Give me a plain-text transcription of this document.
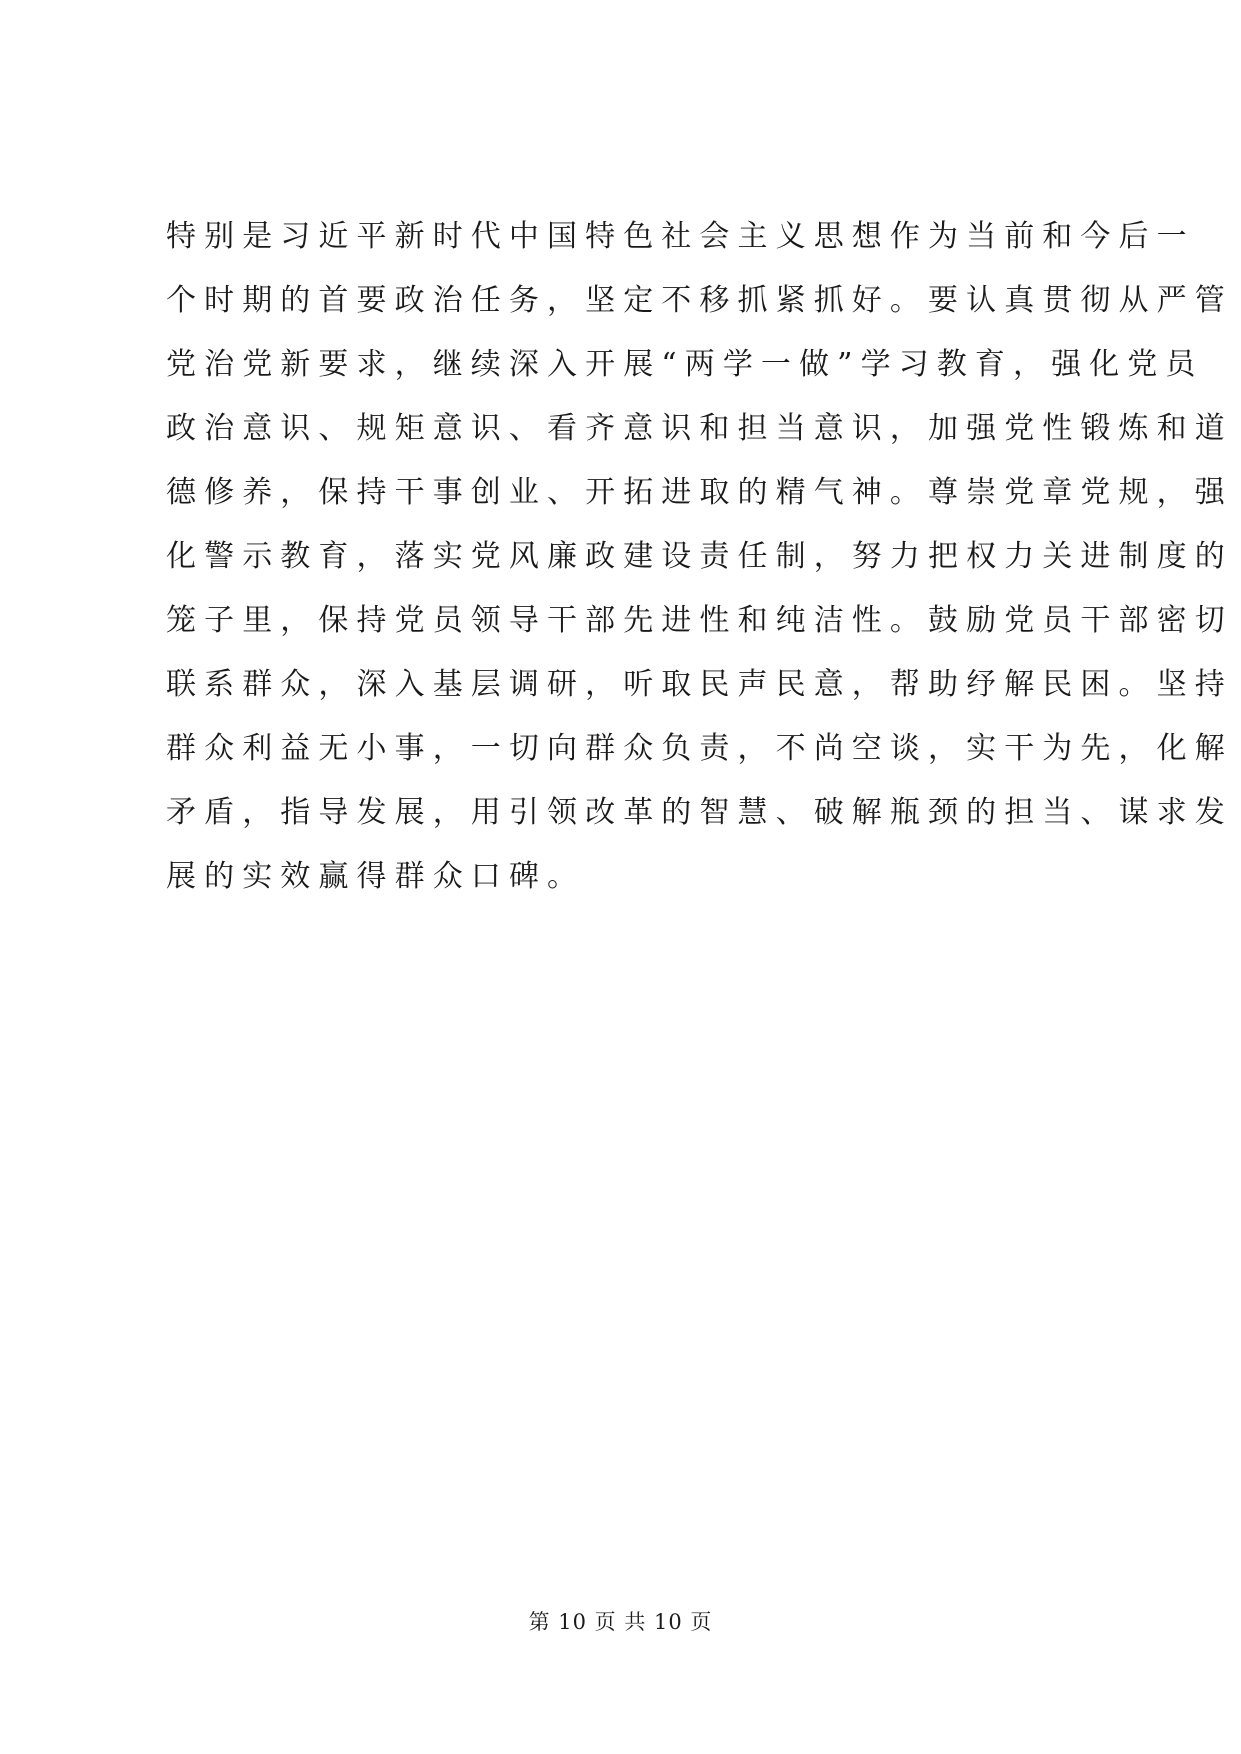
特别是习近平新时代中国特色社会主义思想作为当前和今后一
个时期的首要政治任务，坚定不移抓紧抓好。要认真贯彻从严管
党治党新要求，继续深入开展“两学一做”学习教育，强化党员
政治意识、规矩意识、看齐意识和担当意识，加强党性锻炼和道
德修养，保持干事创业、开拓进取的精气神。尊崇党章党规，强
化警示教育，落实党风廉政建设责任制，努力把权力关进制度的
笼子里，保持党员领导干部先进性和纯洁性。鼓励党员干部密切
联系群众，深入基层调研，听取民声民意，帮助纾解民困。坚持
群众利益无小事，一切向群众负责，不尚空谈，实干为先，化解
矛盾，指导发展，用引领改革的智慧、破解瓶颈的担当、谋求发
展的实效赢得群众口碑。
第 10 页 共 10 页
